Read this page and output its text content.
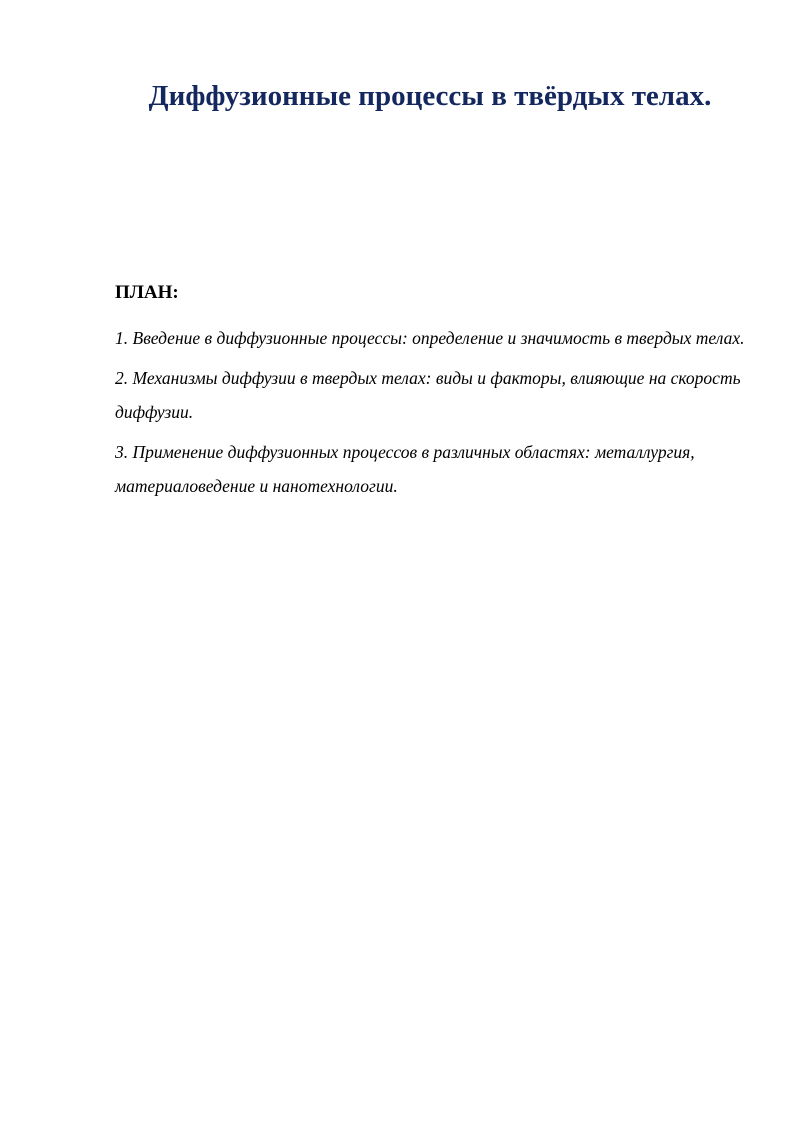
Диффузионные процессы в твёрдых телах.
ПЛАН:
1. Введение в диффузионные процессы: определение и значимость в твердых телах.
2. Механизмы диффузии в твердых телах: виды и факторы, влияющие на скорость диффузии.
3. Применение диффузионных процессов в различных областях: металлургия, материаловедение и нанотехнологии.
